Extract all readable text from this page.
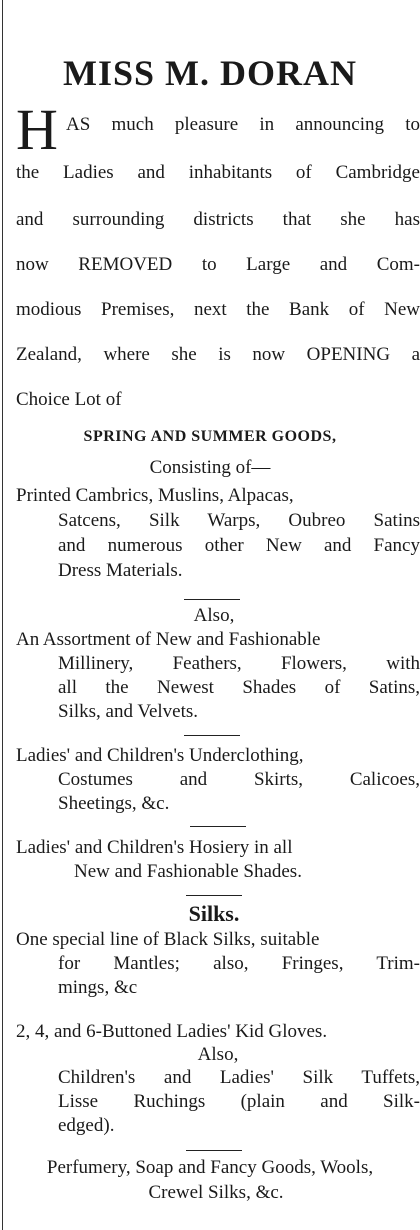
MISS M. DORAN
H AS much pleasure in announcing to
the Ladies and inhabitants of Cambridge
and surrounding districts that she has
now REMOVED to Large and Com-
modious Premises, next the Bank of New
Zealand, where she is now OPENING a
Choice Lot of
SPRING AND SUMMER GOODS,
Consisting of—
Printed Cambrics, Muslins, Alpacas,
Satcens, Silk Warps, Oubreo Satins
and numerous other New and Fancy
Dress Materials.
Also,
An Assortment of New and Fashionable
Millinery, Feathers, Flowers, with
all the Newest Shades of Satins,
Silks, and Velvets.
Ladies' and Children's Underclothing,
Costumes and Skirts, Calicoes,
Sheetings, &c.
Ladies' and Children's Hosiery in all
New and Fashionable Shades.
Silks.
One special line of Black Silks, suitable
for Mantles; also, Fringes, Trim-
mings, &c
2, 4, and 6-Buttoned Ladies' Kid Gloves.
Also,
Children's and Ladies' Silk Tuffets,
Lisse Ruchings (plain and Silk-
edged).
Perfumery, Soap and Fancy Goods, Wools,
Crewel Silks, &c.
